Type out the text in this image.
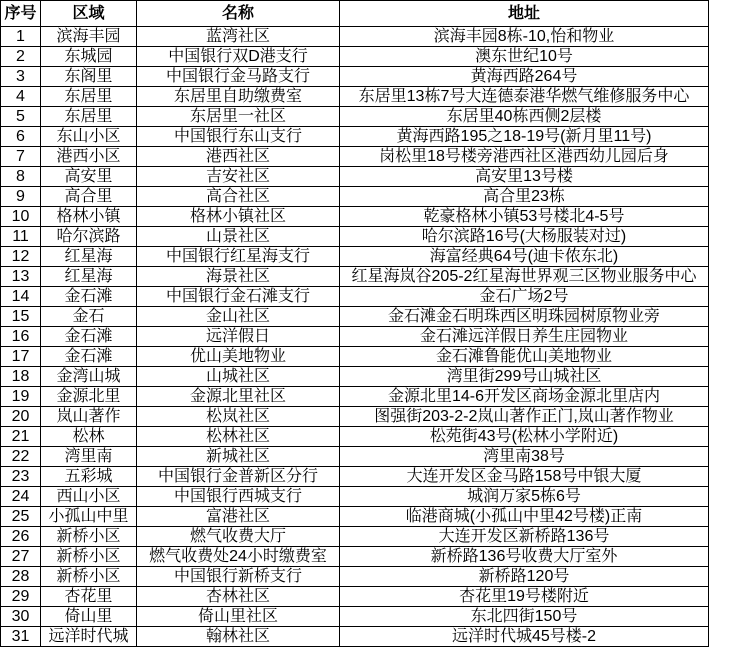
序号	区域	名称	地址
1	滨海丰园	蓝湾社区	滨海丰园8栋-10,怡和物业
2	东城园	中国银行双D港支行	澳东世纪10号
3	东阁里	中国银行金马路支行	黄海西路264号
4	东居里	东居里自助缴费室	东居里13栋7号大连德泰港华燃气维修服务中心
5	东居里	东居里一社区	东居里40栋西侧2层楼
6	东山小区	中国银行东山支行	黄海西路195之18-19号(新月里11号)
7	港西小区	港西社区	岗松里18号楼旁港西社区港西幼儿园后身
8	高安里	吉安社区	高安里13号楼
9	高合里	高合社区	高合里23栋
10	格林小镇	格林小镇社区	乾豪格林小镇53号楼北4-5号
11	哈尔滨路	山景社区	哈尔滨路16号(大杨服装对过)
12	红星海	中国银行红星海支行	海富经典64号(迪卡侬东北)
13	红星海	海景社区	红星海岚谷205-2红星海世界观三区物业服务中心
14	金石滩	中国银行金石滩支行	金石广场2号
15	金石	金山社区	金石滩金石明珠西区明珠园树原物业旁
16	金石滩	远洋假日	金石滩远洋假日养生庄园物业
17	金石滩	优山美地物业	金石滩鲁能优山美地物业
18	金湾山城	山城社区	湾里街299号山城社区
19	金源北里	金源北里社区	金源北里14-6开发区商场金源北里店内
20	岚山著作	松岚社区	图强街203-2-2岚山著作正门,岚山著作物业
21	松林	松林社区	松苑街43号(松林小学附近)
22	湾里南	新城社区	湾里南38号
23	五彩城	中国银行金普新区分行	大连开发区金马路158号中银大厦
24	西山小区	中国银行西城支行	城润万家5栋6号
25	小孤山中里	富港社区	临港商城(小孤山中里42号楼)正南
26	新桥小区	燃气收费大厅	大连开发区新桥路136号
27	新桥小区	燃气收费处24小时缴费室	新桥路136号收费大厅室外
28	新桥小区	中国银行新桥支行	新桥路120号
29	杏花里	杏林社区	杏花里19号楼附近
30	倚山里	倚山里社区	东北四街150号
31	远洋时代城	翰林社区	远洋时代城45号楼-2
